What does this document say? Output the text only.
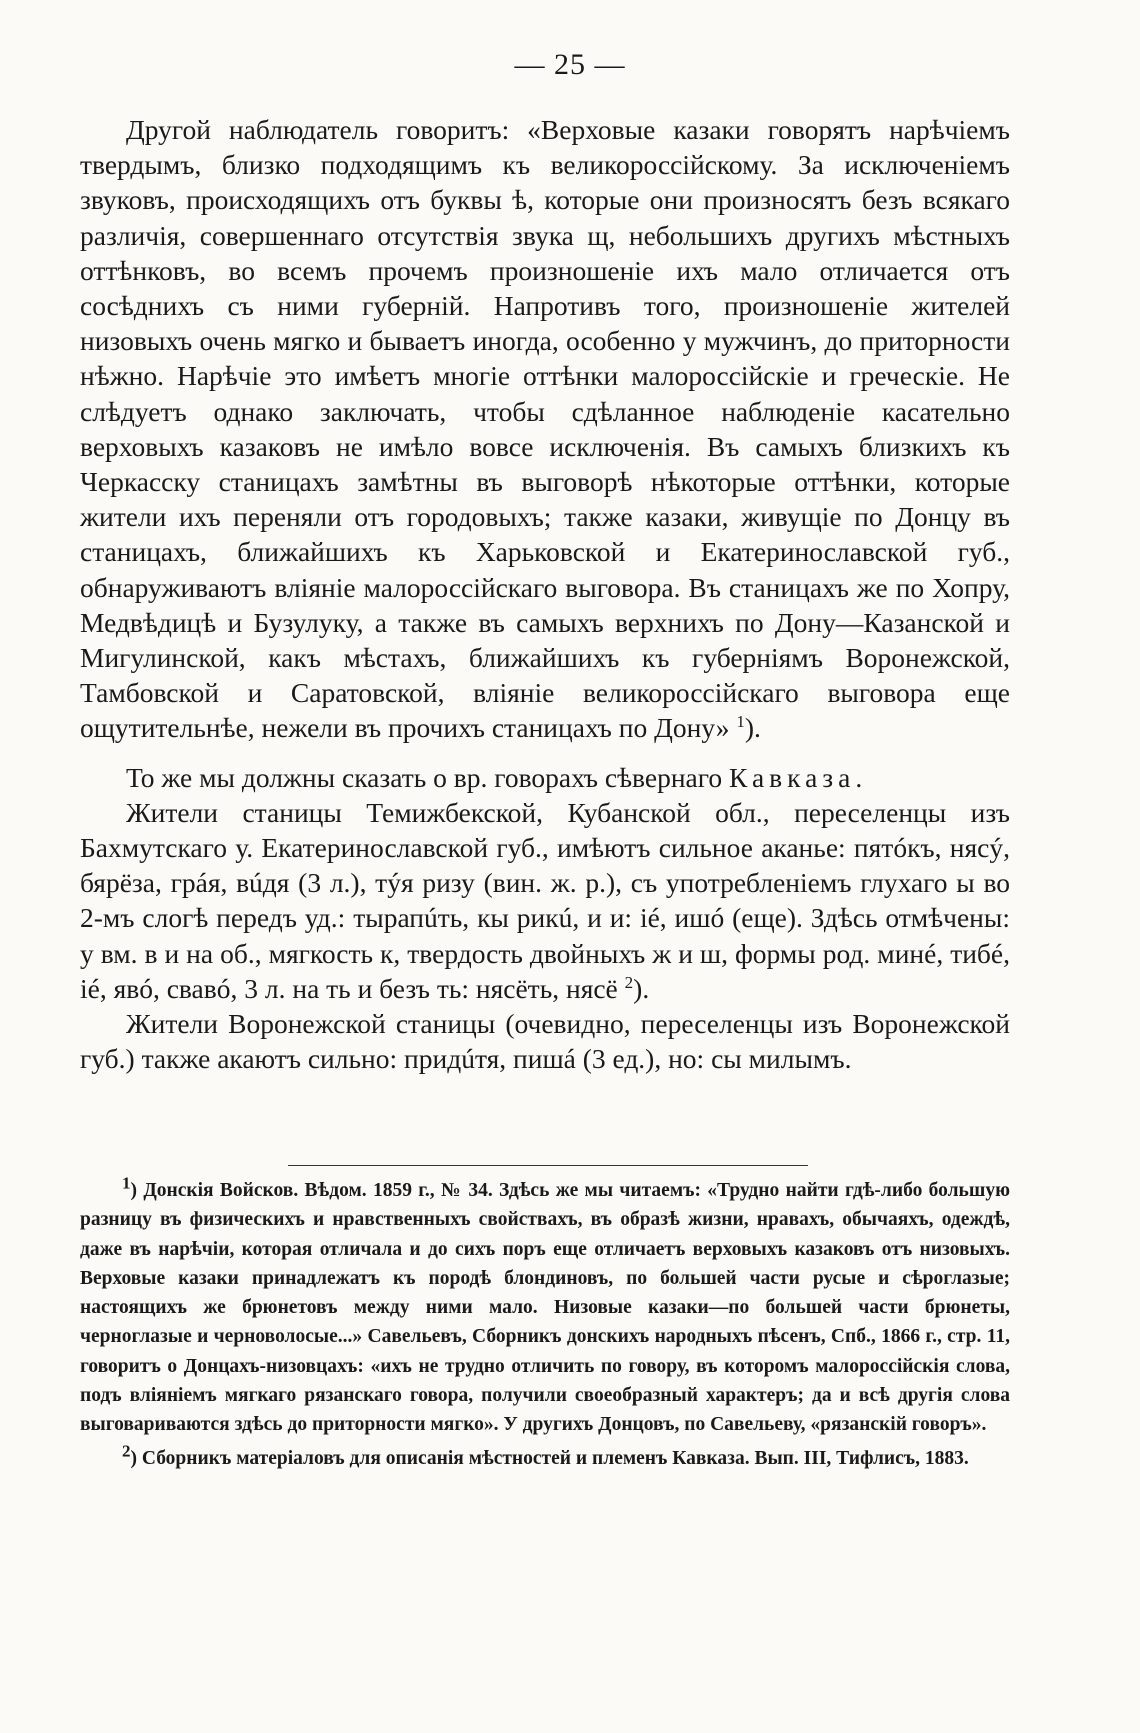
— 25 —

Другой наблюдатель говоритъ: «Верховые казаки говорятъ нарѣчіемъ твердымъ, близко подходящимъ къ великороссійскому. За исключеніемъ звуковъ, происходящихъ отъ буквы ѣ, которые они произносятъ безъ всякаго различія, совершеннаго отсутствія звука щ, небольшихъ другихъ мѣстныхъ оттѣнковъ, во всемъ прочемъ произношеніе ихъ мало отличается отъ сосѣднихъ съ ними губерній. Напротивъ того, произношеніе жителей низовыхъ очень мягко и бываетъ иногда, особенно у мужчинъ, до приторности нѣжно. Нарѣчіе это имѣетъ многіе оттѣнки малороссійскіе и греческіе. Не слѣдуетъ однако заключать, чтобы сдѣланное наблюденіе касательно верховыхъ казаковъ не имѣло вовсе исключенія. Въ самыхъ близкихъ къ Черкасску станицахъ замѣтны въ выговорѣ нѣкоторые оттѣнки, которые жители ихъ переняли отъ городовыхъ; также казаки, живущіе по Донцу въ станицахъ, ближайшихъ къ Харьковской и Екатеринославской губ., обнаруживаютъ вліяніе малороссійскаго выговора. Въ станицахъ же по Хопру, Медвѣдицѣ и Бузулуку, а также въ самыхъ верхнихъ по Дону—Казанской и Мигулинской, какъ мѣстахъ, ближайшихъ къ губерніямъ Воронежской, Тамбовской и Саратовской, вліяніе великороссійскаго выговора еще ощутительнѣе, нежели въ прочихъ станицахъ по Дону» $^1$).

То же мы должны сказать о вр. говорахъ сѣвернаго Кавказа.

Жители станицы Темижбекской, Кубанской обл., переселенцы изъ Бахмутскаго у. Екатеринославской губ., имѣютъ сильное аканье: пятóкъ, нясý, бярёза, грáя, вúдя (3 л.), тýя ризу (вин. ж. р.), съ употребленіемъ глухаго ы во 2-мъ слогѣ передъ уд.: тырапúть, кы рикú, и и: іé, ишó (еще). Здѣсь отмѣчены: у вм. в и на об., мягкость к, твердость двойныхъ ж и ш, формы род. минé, тибé, іé, явó, свавó, 3 л. на ть и безъ ть: нясёть, нясё $^2$).

Жители Воронежской станицы (очевидно, переселенцы изъ Воронежской губ.) также акаютъ сильно: придúтя, пишá (3 ед.), но: сы милымъ.

$^1$) Донскія Войсков. Вѣдом. 1859 г., № 34. Здѣсь же мы читаемъ: «Трудно найти гдѣ-либо большую разницу въ физическихъ и нравственныхъ свойствахъ, въ образѣ жизни, нравахъ, обычаяхъ, одеждѣ, даже въ нарѣчіи, которая отличала и до сихъ поръ еще отличаетъ верховыхъ казаковъ отъ низовыхъ. Верховые казаки принадлежатъ къ породѣ блондиновъ, по большей части русые и сѣроглазые; настоящихъ же брюнетовъ между ними мало. Низовые казаки—по большей части брюнеты, черноглазые и черноволосые...» Савельевъ, Сборникъ донскихъ народныхъ пѣсенъ, Спб., 1866 г., стр. 11, говоритъ о Донцахъ-низовцахъ: «ихъ не трудно отличить по говору, въ которомъ малороссійскія слова, подъ вліяніемъ мягкаго рязанскаго говора, получили своеобразный характеръ; да и всѣ другія слова выговариваются здѣсь до приторности мягко». У другихъ Донцовъ, по Савельеву, «рязанскій говоръ».

$^2$) Сборникъ матеріаловъ для описанія мѣстностей и племенъ Кавказа. Вып. III, Тифлисъ, 1883.
